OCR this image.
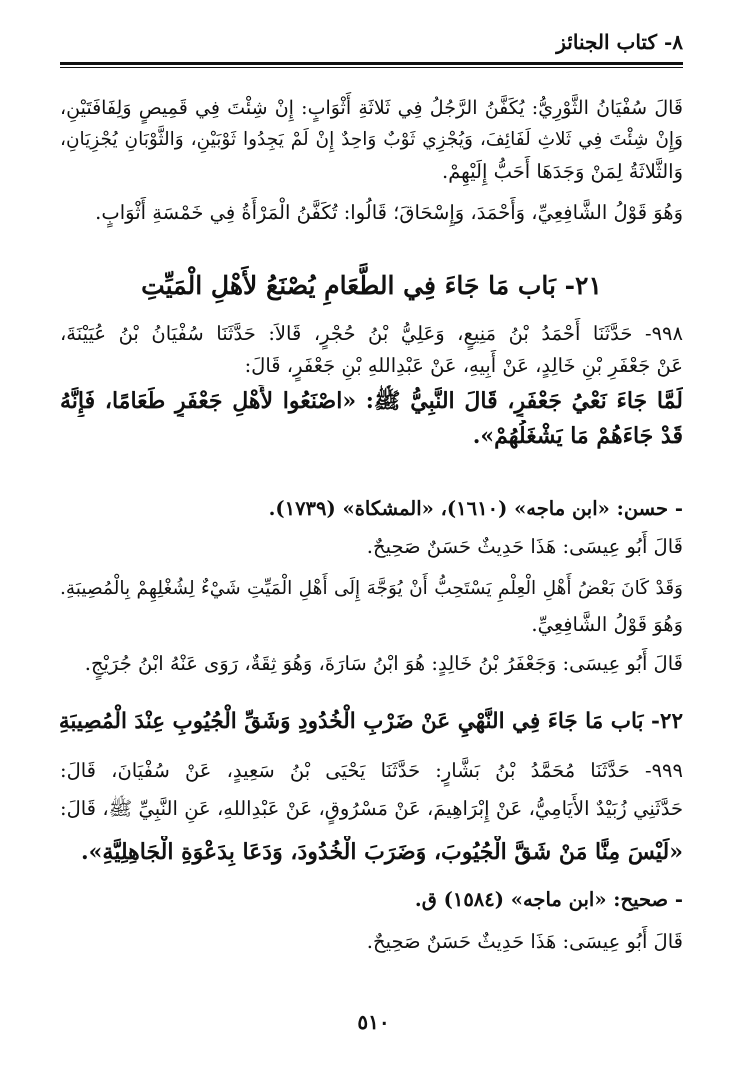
٨- كتاب الجنائز
قَالَ سُفْيَانُ الثَّوْرِيُّ: يُكَفَّنُ الرَّجُلُ فِي ثَلاثَةِ أَثْوَابٍ: إِنْ شِئْتَ فِي قَمِيصٍ وَلِفَافَتَيْنِ،
وَإِنْ شِئْتَ فِي ثَلاثِ لَفَائِفَ، وَيُجْزِي ثَوْبٌ وَاحِدٌ إِنْ لَمْ يَجِدُوا ثَوْبَيْنِ، وَالثَّوْبَانِ يُجْزِيَانِ،
وَالثَّلاثَةُ لِمَنْ وَجَدَهَا أَحَبُّ إِلَيْهِمْ.
وَهُوَ قَوْلُ الشَّافِعِيِّ، وَأَحْمَدَ، وَإِسْحَاقَ؛ قَالُوا: تُكَفَّنُ الْمَرْأَةُ فِي خَمْسَةِ أَثْوَابٍ.
٢١- بَاب مَا جَاءَ فِي الطَّعَامِ يُصْنَعُ لأَهْلِ الْمَيِّتِ
٩٩٨- حَدَّثَنَا أَحْمَدُ بْنُ مَنِيعٍ، وَعَلِيُّ بْنُ حُجْرٍ، قَالاَ: حَدَّثَنَا سُفْيَانُ بْنُ عُيَيْنَةَ،
عَنْ جَعْفَرِ بْنِ خَالِدٍ، عَنْ أَبِيهِ، عَنْ عَبْدِاللهِ بْنِ جَعْفَرٍ، قَالَ:
لَمَّا جَاءَ نَعْيُ جَعْفَرٍ، قَالَ النَّبِيُّ ﷺ: «اصْنَعُوا لأَهْلِ جَعْفَرٍ طَعَامًا، فَإِنَّهُ
قَدْ جَاءَهُمْ مَا يَشْغَلُهُمْ».
- حسن: «ابن ماجه» (١٦١٠)، «المشكاة» (١٧٣٩).
قَالَ أَبُو عِيسَى: هَذَا حَدِيثٌ حَسَنٌ صَحِيحٌ.
وَقَدْ كَانَ بَعْضُ أَهْلِ الْعِلْمِ يَسْتَحِبُّ أَنْ يُوَجَّهَ إِلَى أَهْلِ الْمَيِّتِ شَيْءٌ لِشُغْلِهِمْ بِالْمُصِيبَةِ.
وَهُوَ قَوْلُ الشَّافِعِيِّ.
قَالَ أَبُو عِيسَى: وَجَعْفَرُ بْنُ خَالِدٍ: هُوَ ابْنُ سَارَةَ، وَهُوَ ثِقَةٌ، رَوَى عَنْهُ ابْنُ جُرَيْجٍ.
٢٢- بَاب مَا جَاءَ فِي النَّهْيِ عَنْ ضَرْبِ الْخُدُودِ وَشَقِّ الْجُيُوبِ عِنْدَ الْمُصِيبَةِ
٩٩٩- حَدَّثَنَا مُحَمَّدُ بْنُ بَشَّارٍ: حَدَّثَنَا يَحْيَى بْنُ سَعِيدٍ، عَنْ سُفْيَانَ، قَالَ:
حَدَّثَنِي زُبَيْدٌ الأَيَامِيُّ، عَنْ إِبْرَاهِيمَ، عَنْ مَسْرُوقٍ، عَنْ عَبْدِاللهِ، عَنِ النَّبِيِّ ﷺ، قَالَ:
«لَيْسَ مِنَّا مَنْ شَقَّ الْجُيُوبَ، وَضَرَبَ الْخُدُودَ، وَدَعَا بِدَعْوَةِ الْجَاهِلِيَّةِ».
- صحيح: «ابن ماجه» (١٥٨٤) ق.
قَالَ أَبُو عِيسَى: هَذَا حَدِيثٌ حَسَنٌ صَحِيحٌ.
٥١٠
